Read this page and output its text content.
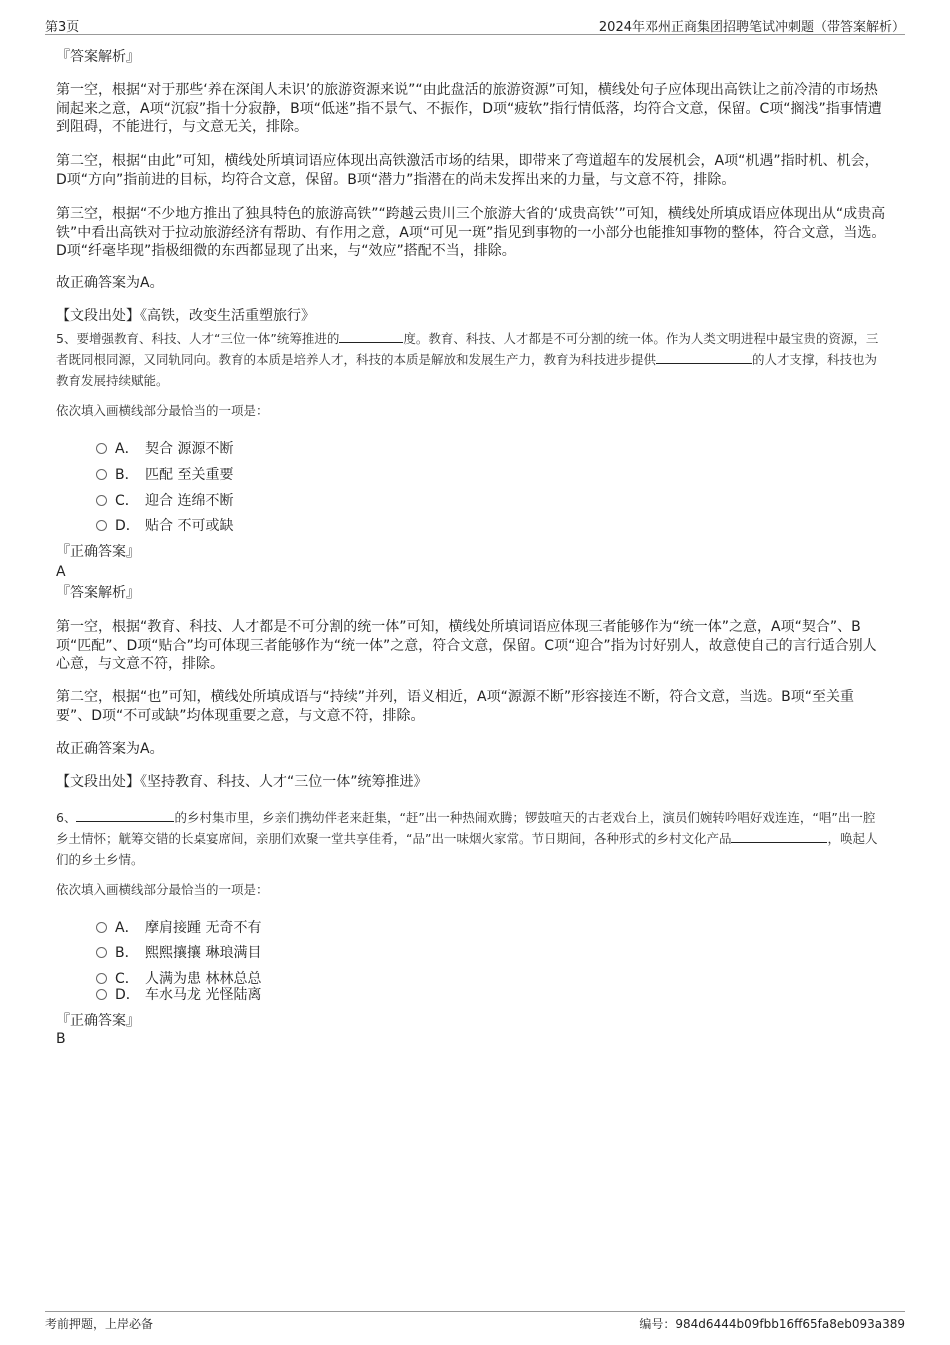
第3页	2024年邓州正商集团招聘笔试冲刺题（带答案解析）
『答案解析』
第一空，根据“对于那些‘养在深闺人未识’的旅游资源来说”“由此盘活的旅游资源”可知，横线处句子应体现出高铁让之前冷清的市场热闹起来之意，A项“沉寂”指十分寂静，B项“低迷”指不景气、不振作，D项“疲软”指行情低落，均符合文意，保留。C项“搁浅”指事情遭到阻碍，不能进行，与文意无关，排除。
第二空，根据“由此”可知，横线处所填词语应体现出高铁激活市场的结果，即带来了弯道超车的发展机会，A项“机遇”指时机、机会，D项“方向”指前进的目标，均符合文意，保留。B项“潜力”指潜在的尚未发挥出来的力量，与文意不符，排除。
第三空，根据“不少地方推出了独具特色的旅游高铁”“跨越云贵川三个旅游大省的‘成贵高铁’”可知，横线处所填成语应体现出从“成贵高铁”中看出高铁对于拉动旅游经济有帮助、有作用之意，A项“可见一斑”指见到事物的一小部分也能推知事物的整体，符合文意，当选。D项“纤毫毕现”指极细微的东西都显现了出来，与“效应”搭配不当，排除。
故正确答案为A。
【文段出处】《高铁，改变生活重塑旅行》
5、要增强教育、科技、人才“三位一体”统筹推进的	度。教育、科技、人才都是不可分割的统一体。作为人类文明进程中最宝贵的资源，三者既同根同源，又同轨同向。教育的本质是培养人才，科技的本质是解放和发展生产力，教育为科技进步提供	的人才支撑，科技也为教育发展持续赋能。
依次填入画横线部分最恰当的一项是：
A． 契合 源源不断
B． 匹配 至关重要
C． 迎合 连绵不断
D． 贴合 不可或缺
『正确答案』
A
『答案解析』
第一空，根据“教育、科技、人才都是不可分割的统一体”可知，横线处所填词语应体现三者能够作为“统一体”之意，A项“契合”、B项“匹配”、D项“贴合”均可体现三者能够作为“统一体”之意，符合文意，保留。C项“迎合”指为讨好别人，故意使自己的言行适合别人心意，与文意不符，排除。
第二空，根据“也”可知，横线处所填成语与“持续”并列，语义相近，A项“源源不断”形容接连不断，符合文意，当选。B项“至关重要”、D项“不可或缺”均体现重要之意，与文意不符，排除。
故正确答案为A。
【文段出处】《坚持教育、科技、人才“三位一体”统筹推进》
6、	的乡村集市里，乡亲们携幼伴老来赶集，“赶”出一种热闹欢腾；锣鼓喧天的古老戏台上，演员们婉转吟唱好戏连连，“唱”出一腔乡土情怀；觥筹交错的长桌宴席间，亲朋们欢聚一堂共享佳肴，“品”出一味烟火家常。节日期间，各种形式的乡村文化产品	，唤起人们的乡土乡情。
依次填入画横线部分最恰当的一项是：
A． 摩肩接踵 无奇不有
B． 熙熙攘攘 琳琅满目
C． 人满为患 林林总总
D． 车水马龙 光怪陆离
『正确答案』
B
考前押题，上岸必备	编号：984d6444b09fbb16ff65fa8eb093a389
